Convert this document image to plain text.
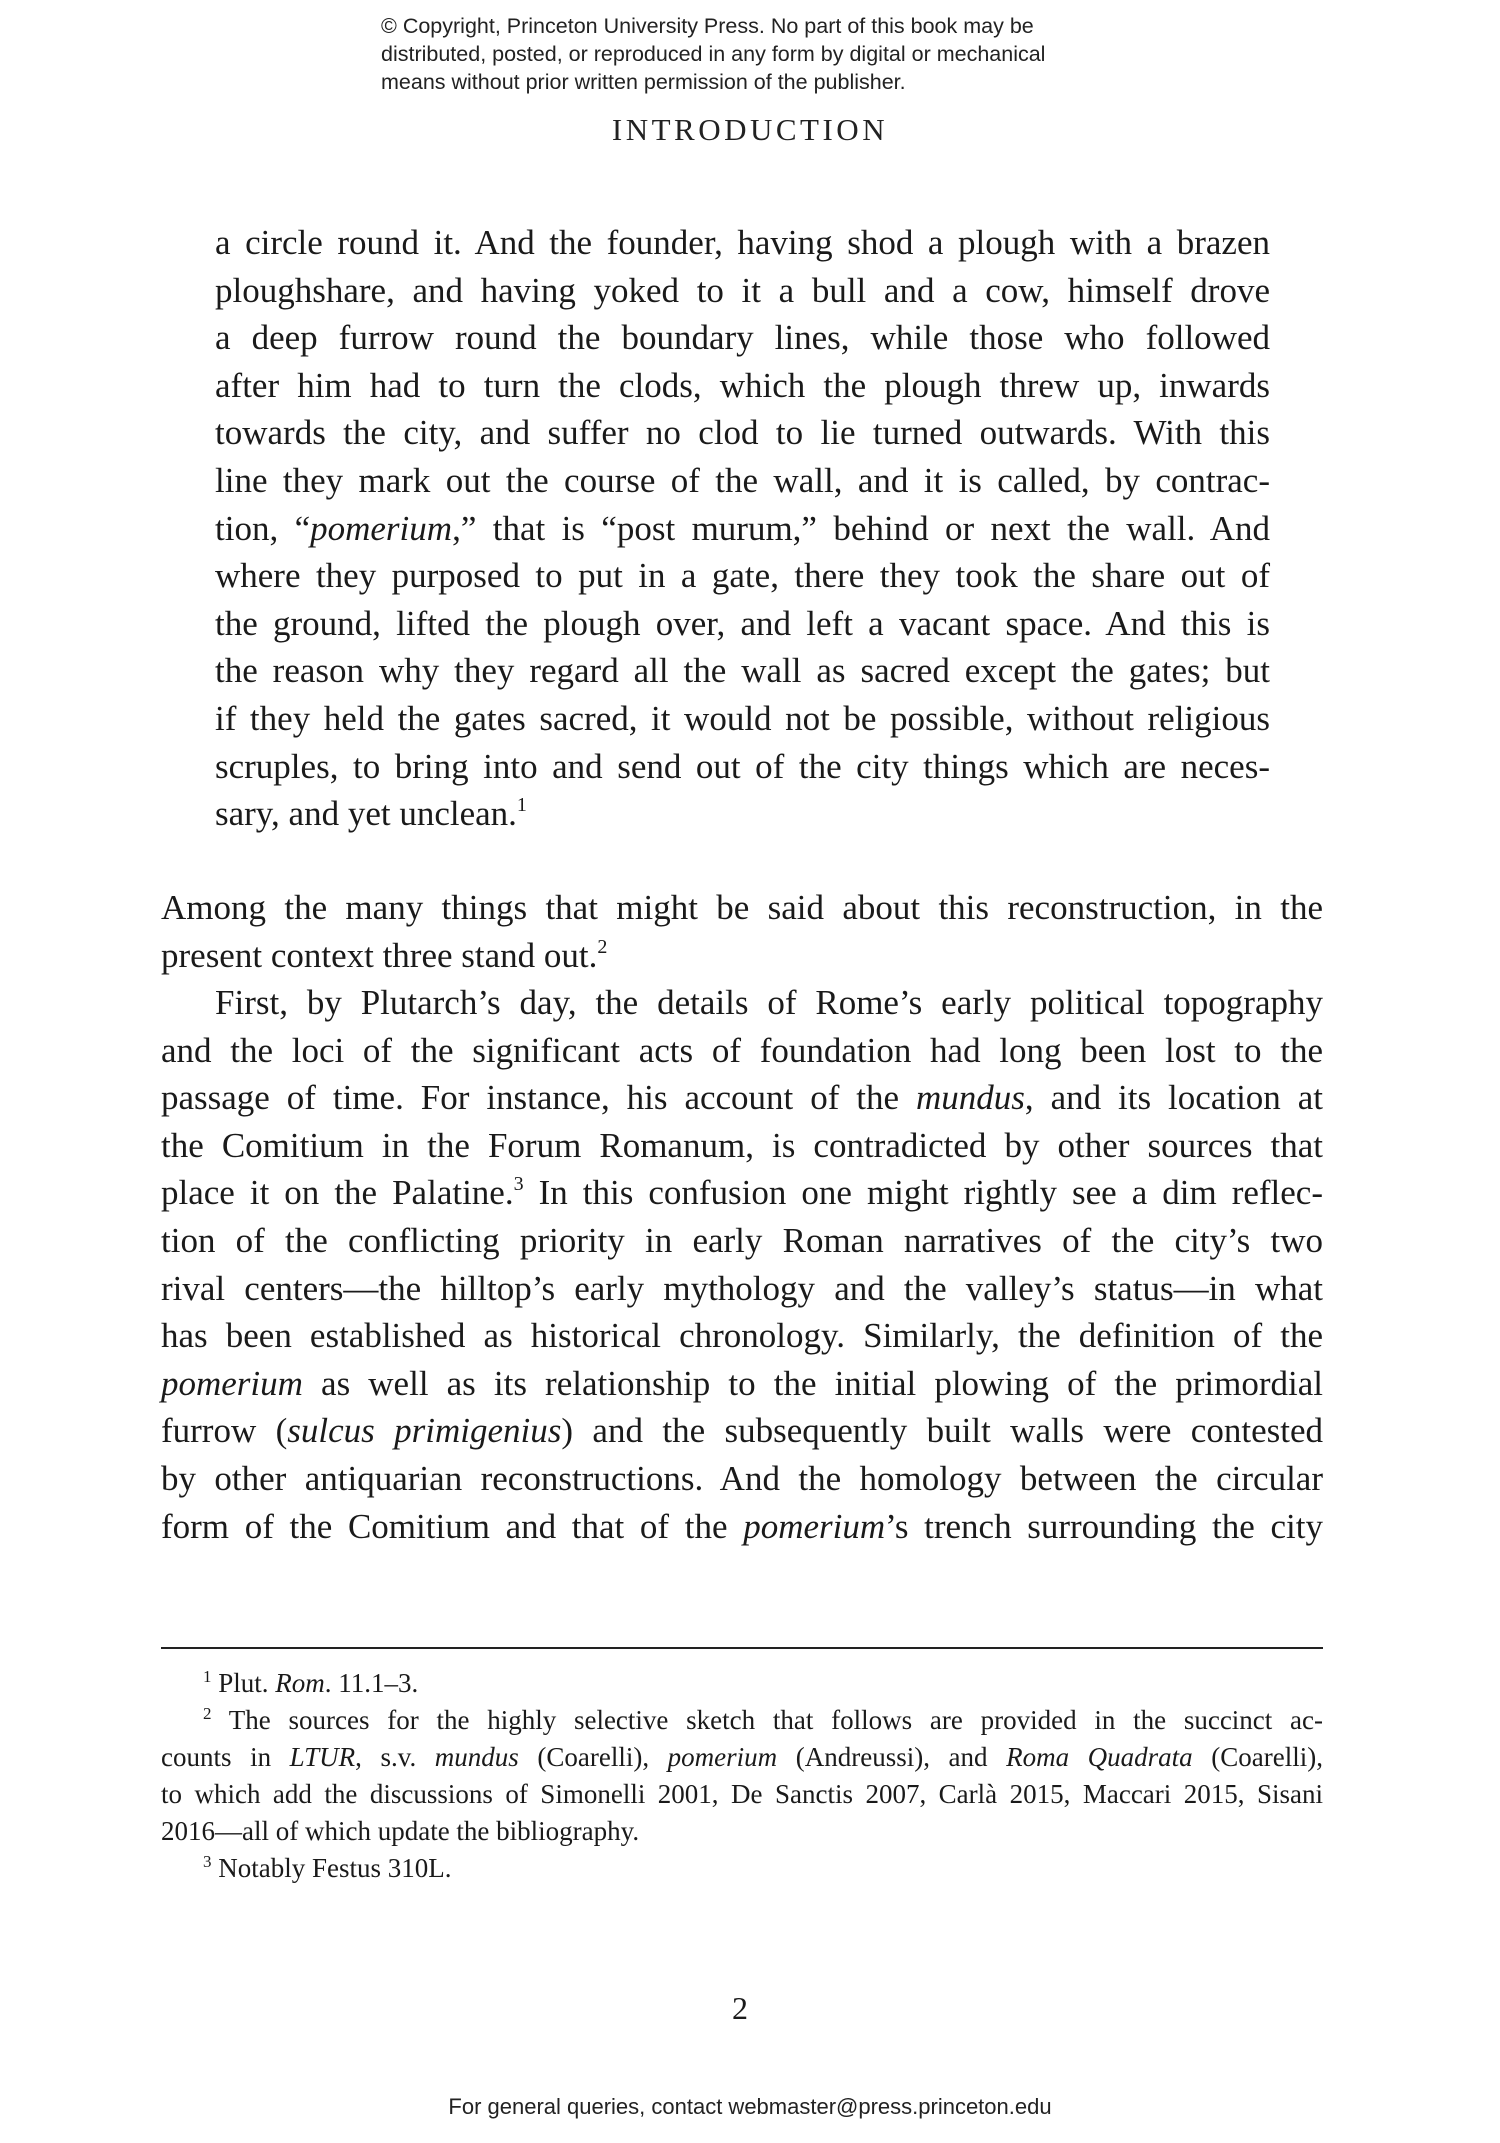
© Copyright, Princeton University Press. No part of this book may be
distributed, posted, or reproduced in any form by digital or mechanical
means without prior written permission of the publisher.
INTRODUCTION
a circle round it. And the founder, having shod a plough with a brazen
ploughshare, and having yoked to it a bull and a cow, himself drove
a deep furrow round the boundary lines, while those who followed
after him had to turn the clods, which the plough threw up, inwards
towards the city, and suffer no clod to lie turned outwards. With this
line they mark out the course of the wall, and it is called, by contrac-
tion, “pomerium,” that is “post murum,” behind or next the wall. And
where they purposed to put in a gate, there they took the share out of
the ground, lifted the plough over, and left a vacant space. And this is
the reason why they regard all the wall as sacred except the gates; but
if they held the gates sacred, it would not be possible, without religious
scruples, to bring into and send out of the city things which are neces-
sary, and yet unclean.$^1$
Among the many things that might be said about this reconstruction, in the
present context three stand out.$^2$
First, by Plutarch’s day, the details of Rome’s early political topography
and the loci of the significant acts of foundation had long been lost to the
passage of time. For instance, his account of the mundus, and its location at
the Comitium in the Forum Romanum, is contradicted by other sources that
place it on the Palatine.$^3$ In this confusion one might rightly see a dim reflec-
tion of the conflicting priority in early Roman narratives of the city’s two
rival centers—the hilltop’s early mythology and the valley’s status—in what
has been established as historical chronology. Similarly, the definition of the
pomerium as well as its relationship to the initial plowing of the primordial
furrow (sulcus primigenius) and the subsequently built walls were contested
by other antiquarian reconstructions. And the homology between the circular
form of the Comitium and that of the pomerium’s trench surrounding the city
$^1$ Plut. Rom. 11.1–3.
$^2$ The sources for the highly selective sketch that follows are provided in the succinct ac-
counts in LTUR, s.v. mundus (Coarelli), pomerium (Andreussi), and Roma Quadrata (Coarelli),
to which add the discussions of Simonelli 2001, De Sanctis 2007, Carlà 2015, Maccari 2015, Sisani
2016—all of which update the bibliography.
$^3$ Notably Festus 310L.
2
For general queries, contact webmaster@press.princeton.edu
